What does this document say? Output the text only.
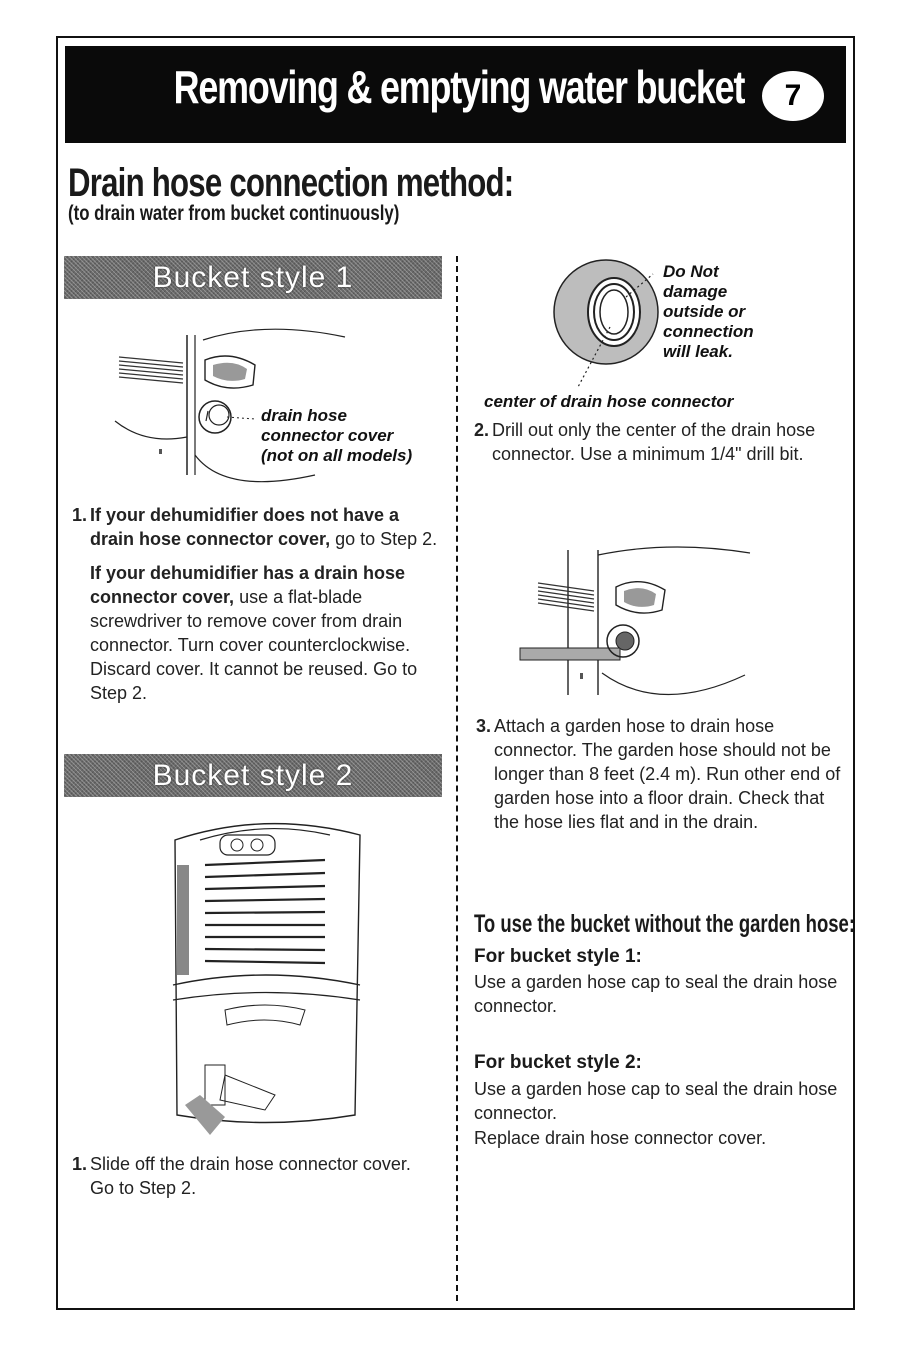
Removing & emptying water bucket	7
Drain hose connection method:
(to drain water from bucket continuously)
Bucket style 1
drain hose
connector cover
(not on all models)
1. If your dehumidifier does not have a drain hose connector cover, go to Step 2.
If your dehumidifier has a drain hose connector cover, use a flat-blade screwdriver to remove cover from drain connector. Turn cover counterclockwise. Discard cover. It cannot be reused. Go to Step 2.
Bucket style 2
1. Slide off the drain hose connector cover. Go to Step 2.
Do Not
damage
outside or
connection
will leak.
center of drain hose connector
2. Drill out only the center of the drain hose connector. Use a minimum 1/4" drill bit.
3. Attach a garden hose to drain hose connector. The garden hose should not be longer than 8 feet (2.4 m). Run other end of garden hose into a floor drain. Check that the hose lies flat and in the drain.
To use the bucket without the garden hose:
For bucket style 1:
Use a garden hose cap to seal the drain hose connector.
For bucket style 2:
Use a garden hose cap to seal the drain hose connector.
Replace drain hose connector cover.
